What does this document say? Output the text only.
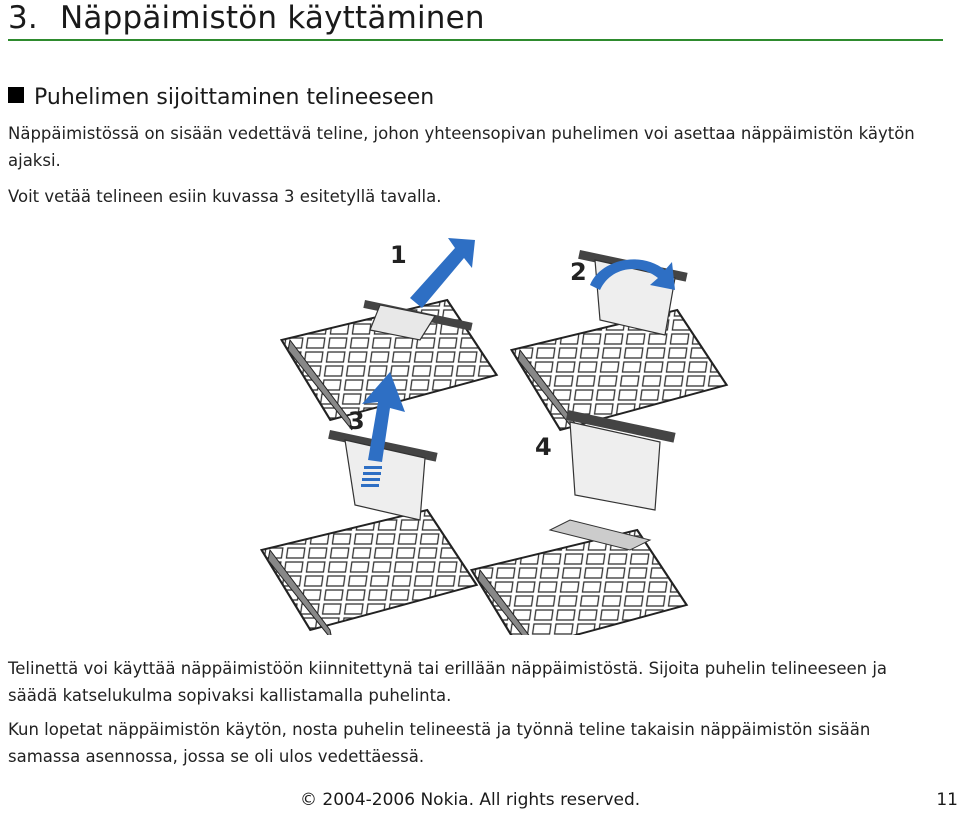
3. Näppäimistön käyttäminen
Puhelimen sijoittaminen telineeseen
Näppäimistössä on sisään vedettävä teline, johon yhteensopivan puhelimen voi asettaa näppäimistön käytön
ajaksi.
Voit vetää telineen esiin kuvassa 3 esitetyllä tavalla.
1
2
3
4
Telinettä voi käyttää näppäimistöön kiinnitettynä tai erillään näppäimistöstä. Sijoita puhelin telineeseen ja
säädä katselukulma sopivaksi kallistamalla puhelinta.
Kun lopetat näppäimistön käytön, nosta puhelin telineestä ja työnnä teline takaisin näppäimistön sisään
samassa asennossa, jossa se oli ulos vedettäessä.
© 2004-2006 Nokia. All rights reserved.	11
